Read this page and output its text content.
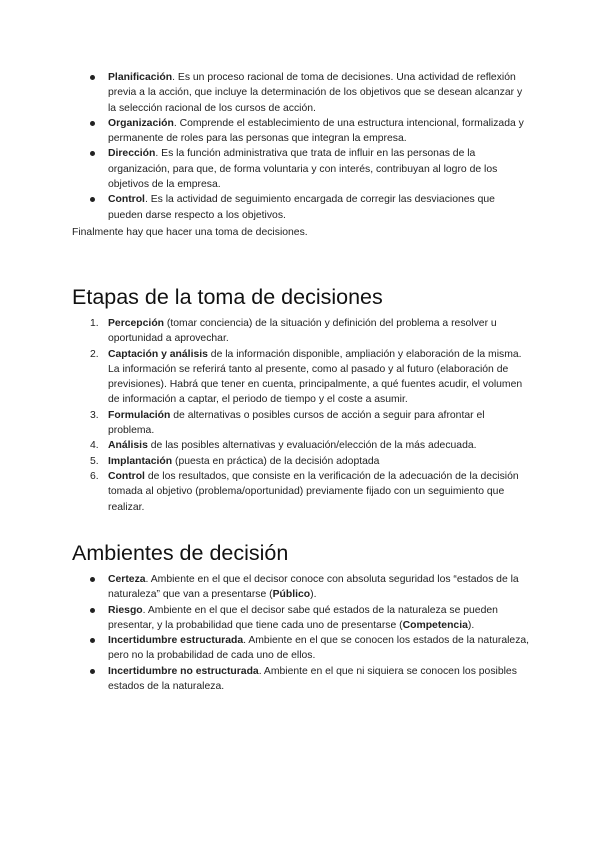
Planificación. Es un proceso racional de toma de decisiones. Una actividad de reflexión previa a la acción, que incluye la determinación de los objetivos que se desean alcanzar y la selección racional de los cursos de acción.
Organización. Comprende el establecimiento de una estructura intencional, formalizada y permanente de roles para las personas que integran la empresa.
Dirección. Es la función administrativa que trata de influir en las personas de la organización, para que, de forma voluntaria y con interés, contribuyan al logro de los objetivos de la empresa.
Control. Es la actividad de seguimiento encargada de corregir las desviaciones que pueden darse respecto a los objetivos.

Finalmente hay que hacer una toma de decisiones.

Etapas de la toma de decisiones
1. Percepción (tomar conciencia) de la situación y definición del problema a resolver u oportunidad a aprovechar.
2. Captación y análisis de la información disponible, ampliación y elaboración de la misma. La información se referirá tanto al presente, como al pasado y al futuro (elaboración de previsiones). Habrá que tener en cuenta, principalmente, a qué fuentes acudir, el volumen de información a captar, el periodo de tiempo y el coste a asumir.
3. Formulación de alternativas o posibles cursos de acción a seguir para afrontar el problema.
4. Análisis de las posibles alternativas y evaluación/elección de la más adecuada.
5. Implantación (puesta en práctica) de la decisión adoptada
6. Control de los resultados, que consiste en la verificación de la adecuación de la decisión tomada al objetivo (problema/oportunidad) previamente fijado con un seguimiento que realizar.
Ambientes de decisión
Certeza. Ambiente en el que el decisor conoce con absoluta seguridad los “estados de la naturaleza” que van a presentarse (Público).
Riesgo. Ambiente en el que el decisor sabe qué estados de la naturaleza se pueden presentar, y la probabilidad que tiene cada uno de presentarse (Competencia).
Incertidumbre estructurada. Ambiente en el que se conocen los estados de la naturaleza, pero no la probabilidad de cada uno de ellos.
Incertidumbre no estructurada. Ambiente en el que ni siquiera se conocen los posibles estados de la naturaleza.
